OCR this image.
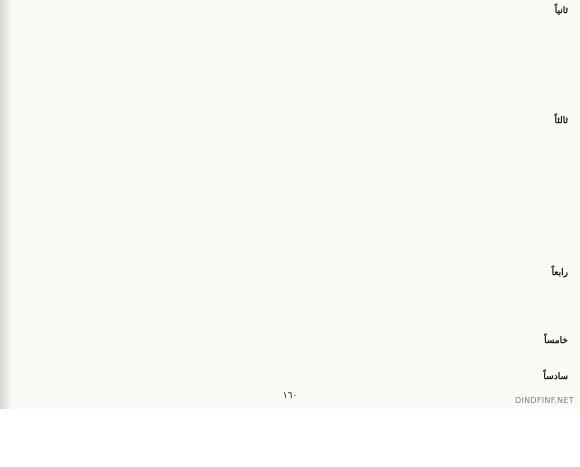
ثانياً
ثالثاً
رابعاً
خامساً
سادساً
١٦٠	DINDFINF.NET
